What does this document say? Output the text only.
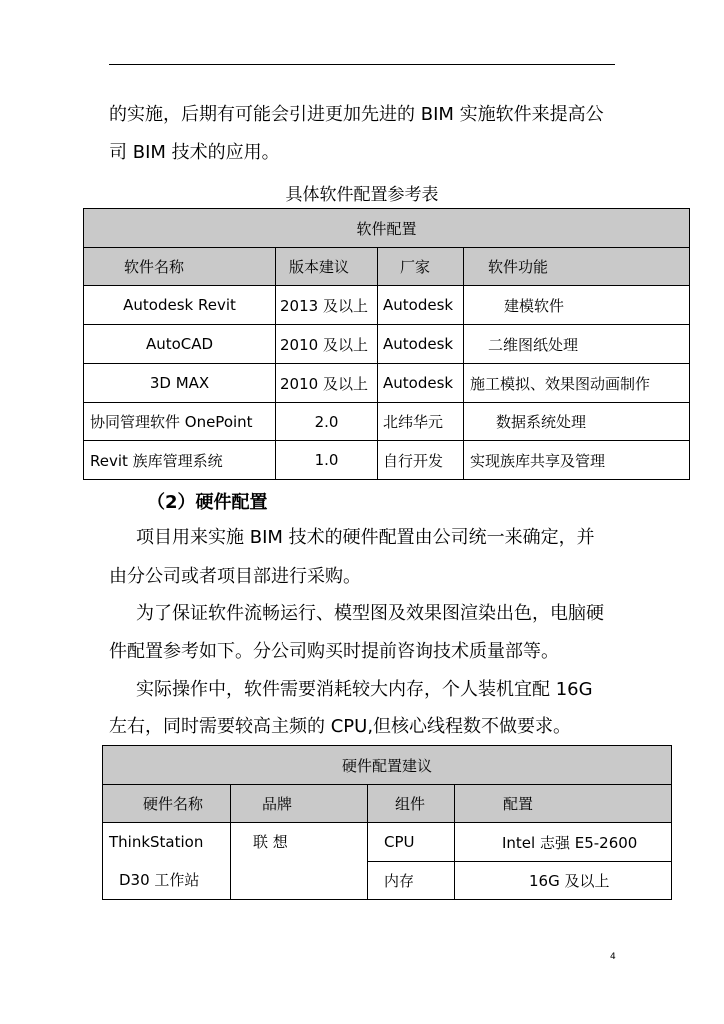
的实施，后期有可能会引进更加先进的 BIM 实施软件来提高公
司 BIM 技术的应用。
具体软件配置参考表
软件配置			
软件名称	版本建议	厂家	软件功能
Autodesk Revit	2013 及以上	Autodesk	建模软件
AutoCAD	2010 及以上	Autodesk	二维图纸处理
3D MAX	2010 及以上	Autodesk	施工模拟、效果图动画制作
协同管理软件 OnePoint	2.0	北纬华元	数据系统处理
Revit 族库管理系统	1.0	自行开发	实现族库共享及管理
（2）硬件配置
项目用来实施 BIM 技术的硬件配置由公司统一来确定，并
由分公司或者项目部进行采购。
为了保证软件流畅运行、模型图及效果图渲染出色，电脑硬
件配置参考如下。分公司购买时提前咨询技术质量部等。
实际操作中，软件需要消耗较大内存，个人装机宜配 16G
左右，同时需要较高主频的 CPU,但核心线程数不做要求。
硬件配置建议			
硬件名称	品牌	组件	配置

ThinkStation
D30 工作站	联 想	CPU	Intel 志强 E5-2600
		内存	16G 及以上
4
